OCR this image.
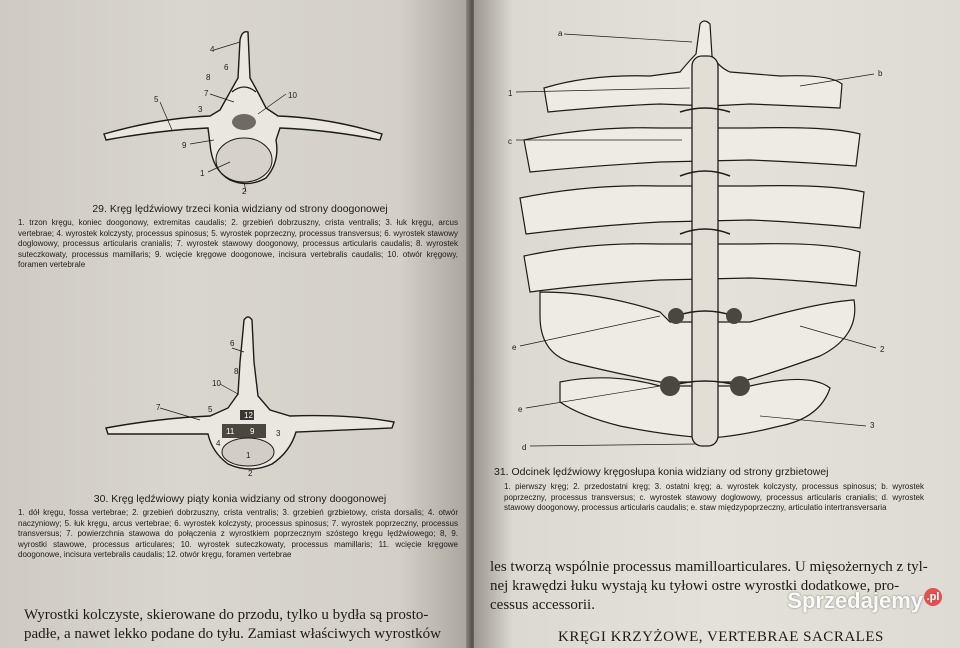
4
6
8
7
3
10
5
9
1
2
29. Kręg lędźwiowy trzeci konia widziany od strony doogonowej
1. trzon kręgu, koniec doogonowy, extremitas caudalis; 2. grzebień dobrzuszny, crista ventralis; 3. łuk kręgu, arcus vertebrae; 4. wyrostek kolczysty, processus spinosus; 5. wyrostek poprzeczny, processus transversus; 6. wyrostek stawowy doglowowy, processus articularis cranialis; 7. wyrostek stawowy doogonowy, processus articularis caudalis; 8. wyrostek suteczkowaty, processus mamillaris; 9. wcięcie kręgowe doogonowe, incisura vertebralis caudalis; 10. otwór kręgowy, foramen vertebrale
6
8
10
7	5
12
11 9
4
1
2
3
30. Kręg lędźwiowy piąty konia widziany od strony doogonowej
1. dół kręgu, fossa vertebrae; 2. grzebień dobrzuszny, crista ventralis; 3. grzebień grzbietowy, crista dorsalis; 4. otwór naczyniowy; 5. łuk kręgu, arcus vertebrae; 6. wyrostek kolczysty, processus spinosus; 7. wyrostek poprzeczny, processus transversus; 7. powierzchnia stawowa do połączenia z wyrostkiem poprzecznym szóstego kręgu lędźwiowego; 8, 9. wyrostki stawowe, processus articulares; 10. wyrostek suteczkowaty, processus mamillaris; 11. wcięcie kręgowe doogonowe, incisura vertebralis caudalis; 12. otwór kręgu, foramen vertebrae
Wyrostki kolczyste, skierowane do przodu, tylko u bydła są prosto-
padłe, a nawet lekko podane do tyłu. Zamiast właściwych wyrostków
a
b
1
c
e	2
e
3
d
31. Odcinek lędźwiowy kręgosłupa konia widziany od strony grzbietowej
1. pierwszy kręg; 2. przedostatni kręg; 3. ostatni kręg; a. wyrostek kolczysty, processus spinosus; b. wyrostek poprzeczny, processus transversus; c. wyrostek stawowy doglowowy, processus articularis cranialis; d. wyrostek stawowy doogonowy, processus articularis caudalis; e. staw międzypoprzeczny, articulatio intertransversaria
les tworzą wspólnie processus mamilloarticulares. U mięsożernych z tyl-
nej krawędzi łuku wystają ku tyłowi ostre wyrostki dodatkowe, pro-
cessus accessorii.
KRĘGI KRZYŻOWE, VERTEBRAE SACRALES
Sprzedajemy .pl
